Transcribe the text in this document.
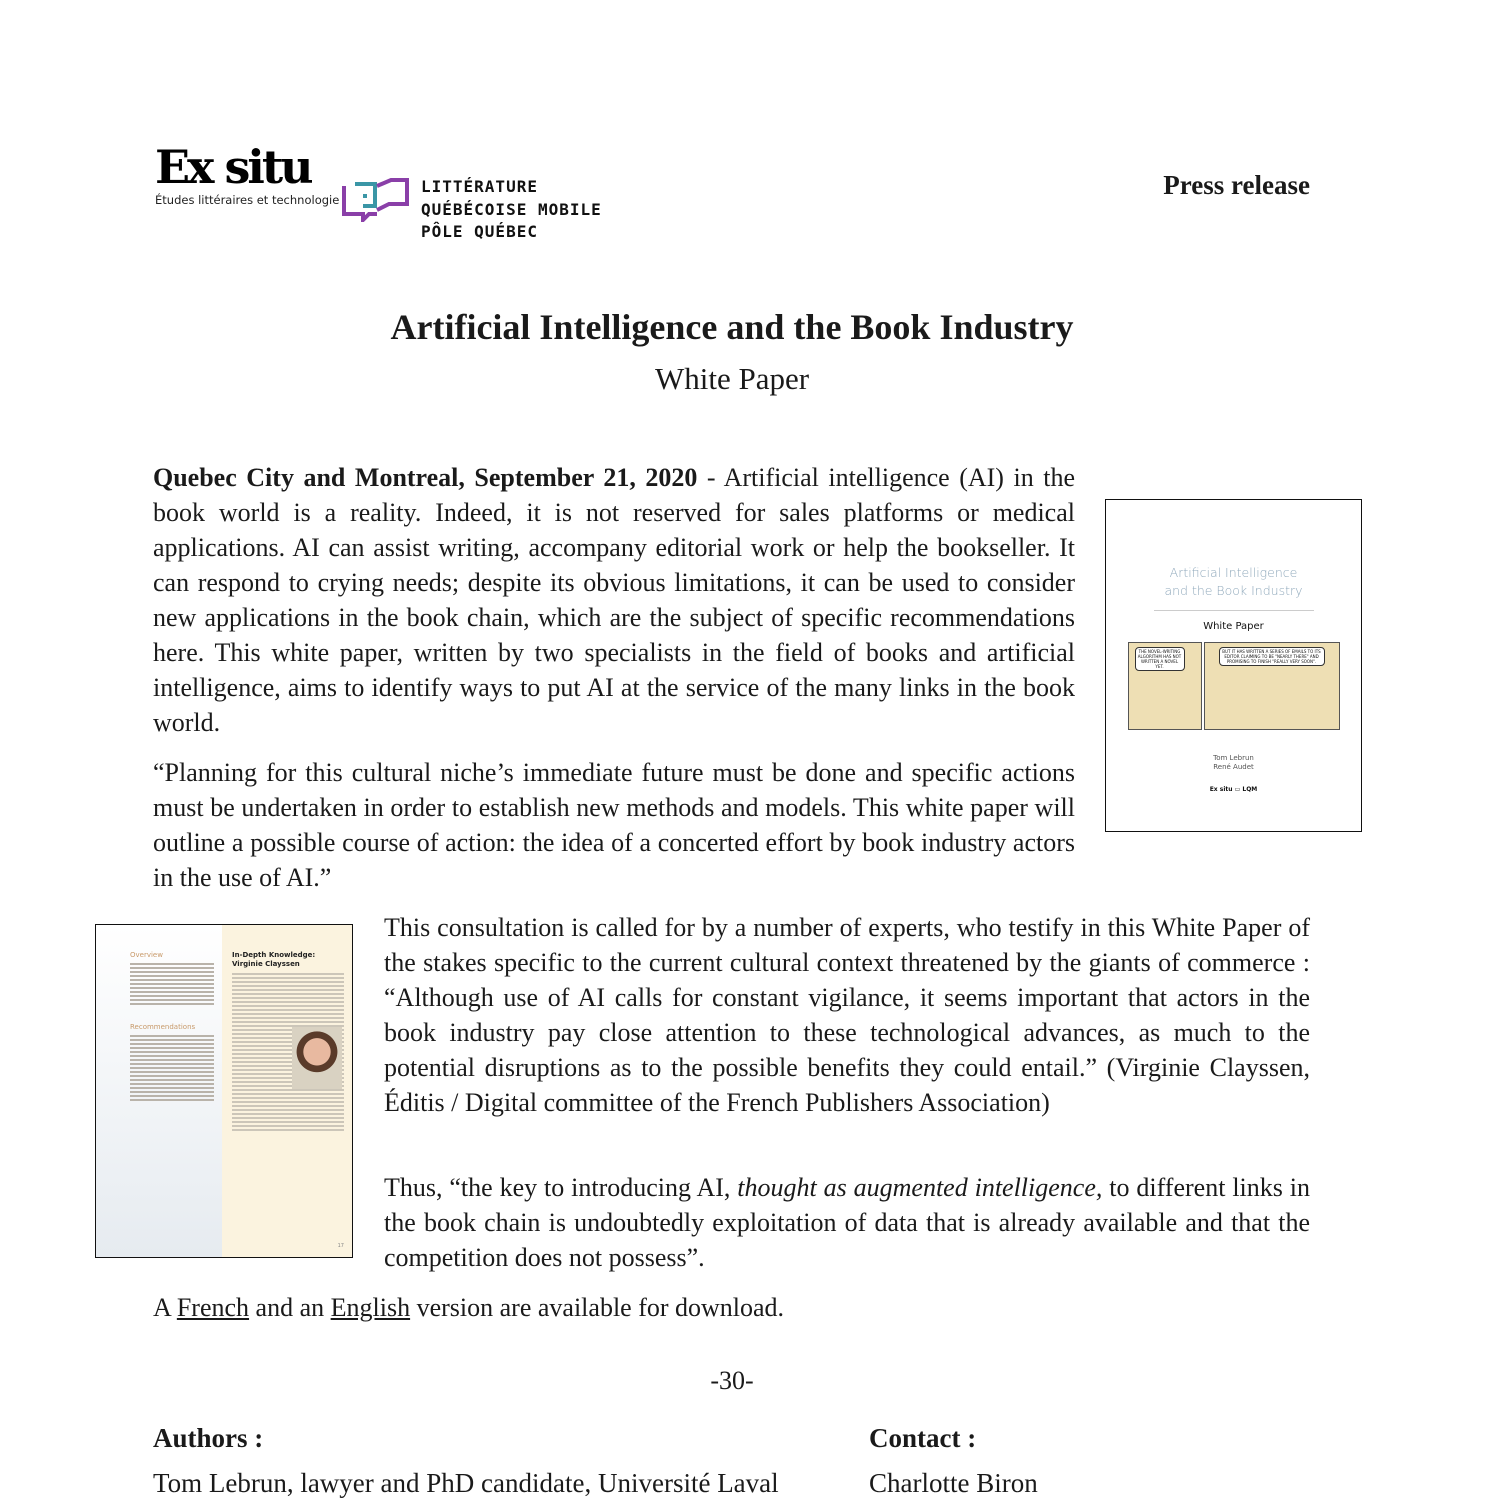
Ex situ
Études littéraires et technologie
LITTÉRATURE
QUÉBÉCOISE MOBILE
PÔLE QUÉBEC
Press release
Artificial Intelligence and the Book Industry
White Paper

Quebec City and Montreal, September 21, 2020 - Artificial intelligence (AI) in the book world is a reality. Indeed, it is not reserved for sales platforms or medical applications. AI can assist writing, accompany editorial work or help the bookseller. It can respond to crying needs; despite its obvious limitations, it can be used to consider new applications in the book chain, which are the subject of specific recommendations here. This white paper, written by two specialists in the field of books and artificial intelligence, aims to identify ways to put AI at the service of the many links in the book world.

“Planning for this cultural niche’s immediate future must be done and specific actions must be undertaken in order to establish new methods and models. This white paper will outline a possible course of action: the idea of a concerted effort by book industry actors in the use of AI.”

This consultation is called for by a number of experts, who testify in this White Paper of the stakes specific to the current cultural context threatened by the giants of commerce : “Although use of AI calls for constant vigilance, it seems important that actors in the book industry pay close attention to these technological advances, as much to the potential disruptions as to the possible benefits they could entail.” (Virginie Clayssen, Éditis / Digital committee of the French Publishers Association)

Thus, “the key to introducing AI, thought as augmented intelligence, to different links in the book chain is undoubtedly exploitation of data that is already available and that the competition does not possess”.

A French and an English version are available for download.

Artificial Intelligence
and the Book Industry
White Paper
THE NOVEL-WRITING ALGORITHM HAS NOT WRITTEN A NOVEL YET.
BUT IT HAS WRITTEN A SERIES OF EMAILS TO ITS EDITOR CLAIMING TO BE "NEARLY THERE" AND PROMISING TO FINISH "REALLY VERY SOON".
Tom Lebrun
René Audet
Ex situ ▭ LQM
Overview
Recommendations
In-Depth Knowledge:
Virginie Clayssen
17
-30-
Authors :	Contact :
Tom Lebrun, lawyer and PhD candidate, Université Laval	Charlotte Biron
